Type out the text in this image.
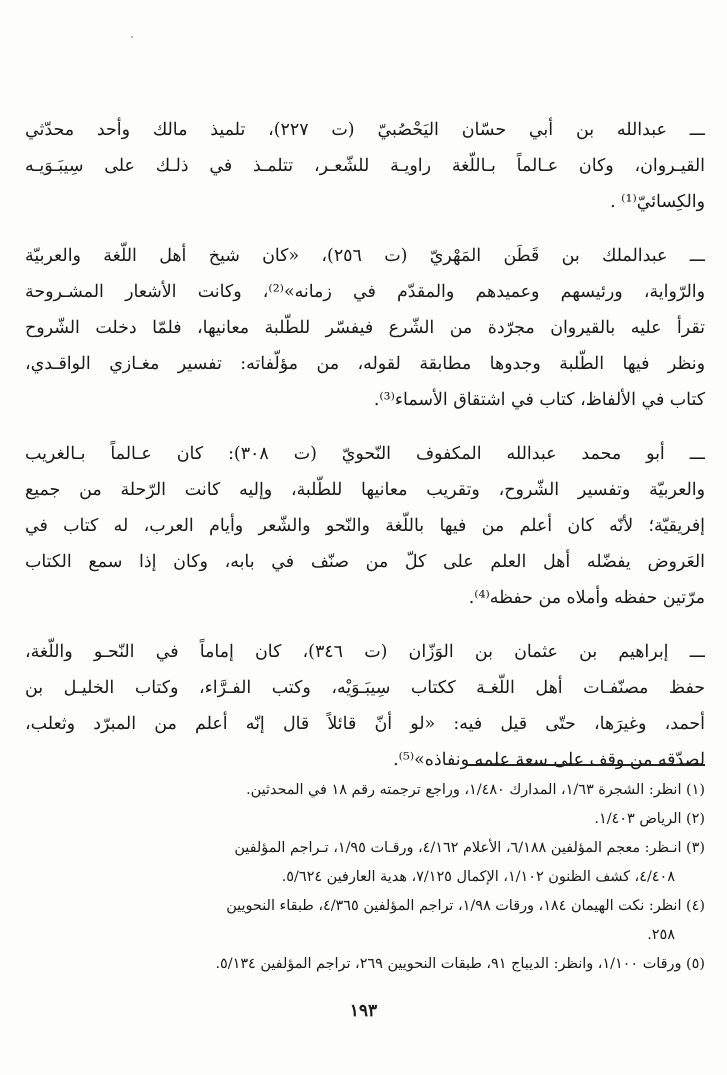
ـــ عبدالله بن أبي حسّان اليَحْصُبيّ (ت ٢٢٧)، تلميذ مالك وأحد محدّثي
القيـروان، وكان عـالماً بـاللّغة راويـة للشّعـر، تتلمـذ في ذلـك على سِيبَـوَيـه
والكِسائيّ⁽¹⁾ .
ـــ عبدالملك بن قَطَن المَهْريّ (ت ٢٥٦)، «كان شيخ أهل اللّغة والعربيّة
والرّواية، ورئيسهم وعميدهم والمقدّم في زمانه»⁽²⁾، وكانت الأشعار المشـروحة
تقرأ عليه بالقيروان مجرّدة من الشّرع فيفسّر للطّلبة معانيها، فلمّا دخلت الشّروح
ونظر فيها الطّلبة وجدوها مطابقة لقوله، من مؤلّفاته: تفسير مغـازي الواقـدي،
كتاب في الألفاظ، كتاب في اشتقاق الأسماء⁽³⁾.
ـــ أبو محمد عبدالله المكفوف النّحويّ (ت ٣٠٨): كان عـالماً بـالغريب
والعربيّة وتفسير الشّروح، وتقريب معانيها للطّلبة، وإليه كانت الرّحلة من جميع
إفريقيّة؛ لأنّه كان أعلم من فيها باللّغة والنّحو والشّعر وأيام العرب، له كتاب في
العَروض يفضّله أهل العلم على كلّ من صنّف في بابه، وكان إذا سمع الكتاب
مرّتين حفظه وأملاه من حفظه⁽⁴⁾.
ـــ إبراهيم بن عثمان بن الوَزّان (ت ٣٤٦)، كان إماماً في النّحـو واللّغة،
حفظ مصنّفـات أهل اللّغـة ككتاب سِيبَـوَيْه، وكتب الفـرَّاء، وكتاب الخليـل بن
أحمد، وغيرَها، حتّى قيل فيه: «لو أنّ قائلاً قال إنّه أعلم من المبرّد وثعلب،
لصدّقه من وقف على سعة علمه ونفاذه»⁽⁵⁾.
(١) انظر: الشجرة ١/٦٣، المدارك ١/٤٨٠، وراجع ترجمته رقم ١٨ في المحدثين.
(٢) الرياض ١/٤٠٣.
(٣) انـظر: معجم المؤلفين ٦/١٨٨، الأعلام ٤/١٦٢، ورقـات ١/٩٥، تـراجم المؤلفين
٤/٤٠٨، كشف الظنون ١/١٠٢، الإكمال ٧/١٢٥، هدية العارفين ٥/٦٢٤.
(٤) انظر: نكت الهيمان ١٨٤، ورقات ١/٩٨، تراجم المؤلفين ٤/٣٦٥، طبقاء النحويين
٢٥٨.
(٥) ورقات ١/١٠٠، وانظر: الديباج ٩١، طبقات النحويين ٢٦٩، تراجم المؤلفين ٥/١٣٤.
١٩٣
